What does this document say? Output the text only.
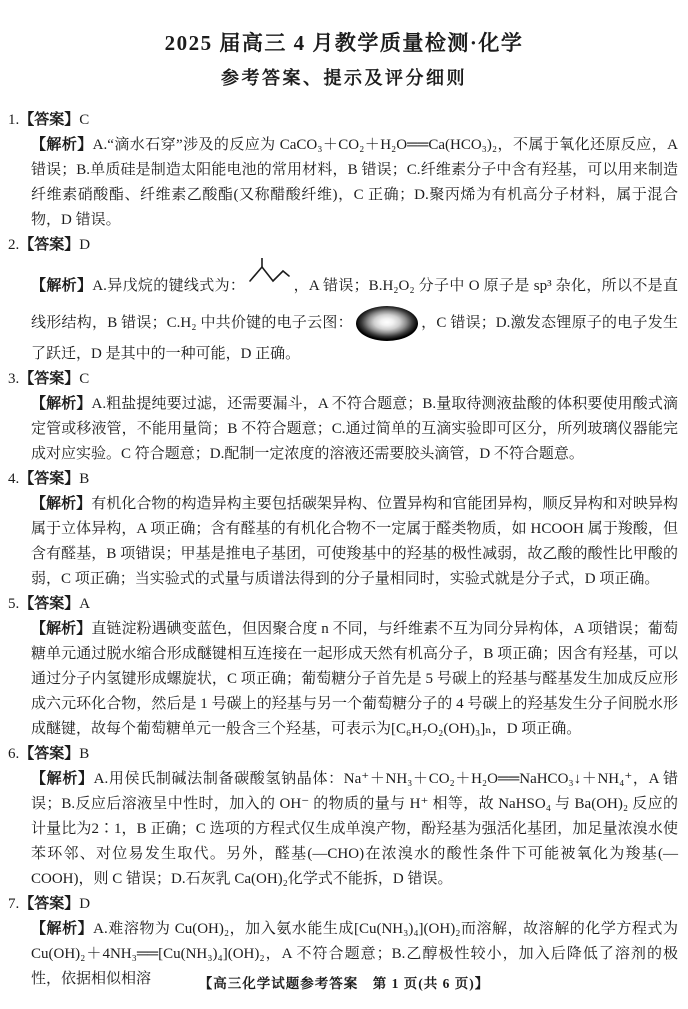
2025 届高三 4 月教学质量检测·化学
参考答案、提示及评分细则
1.【答案】C
【解析】A.“滴水石穿”涉及的反应为 CaCO₃＋CO₂＋H₂O══Ca(HCO₃)₂，不属于氧化还原反应，A 错误；B.单质硅是制造太阳能电池的常用材料，B 错误；C.纤维素分子中含有羟基，可以用来制造纤维素硝酸酯、纤维素乙酸酯(又称醋酸纤维)，C 正确；D.聚丙烯为有机高分子材料，属于混合物，D 错误。
2.【答案】D
【解析】A.异戊烷的键线式为：	，A 错误；B.H₂O₂ 分子中 O 原子是 sp³ 杂化，所以不是直线形结构，B 错误；C.H₂ 中共价键的电子云图：	，C 错误；D.激发态锂原子的电子发生了跃迁，D 是其中的一种可能，D 正确。
3.【答案】C
【解析】A.粗盐提纯要过滤，还需要漏斗，A 不符合题意；B.量取待测液盐酸的体积要使用酸式滴定管或移液管，不能用量筒；B 不符合题意；C.通过简单的互滴实验即可区分，所列玻璃仪器能完成对应实验。C 符合题意；D.配制一定浓度的溶液还需要胶头滴管，D 不符合题意。
4.【答案】B
【解析】有机化合物的构造异构主要包括碳架异构、位置异构和官能团异构，顺反异构和对映异构属于立体异构，A 项正确；含有醛基的有机化合物不一定属于醛类物质，如 HCOOH 属于羧酸，但含有醛基，B 项错误；甲基是推电子基团，可使羧基中的羟基的极性减弱，故乙酸的酸性比甲酸的弱，C 项正确；当实验式的式量与质谱法得到的分子量相同时，实验式就是分子式，D 项正确。
5.【答案】A
【解析】直链淀粉遇碘变蓝色，但因聚合度 n 不同，与纤维素不互为同分异构体，A 项错误；葡萄糖单元通过脱水缩合形成醚键相互连接在一起形成天然有机高分子，B 项正确；因含有羟基，可以通过分子内氢键形成螺旋状，C 项正确；葡萄糖分子首先是 5 号碳上的羟基与醛基发生加成反应形成六元环化合物，然后是 1 号碳上的羟基与另一个葡萄糖分子的 4 号碳上的羟基发生分子间脱水形成醚键，故每个葡萄糖单元一般含三个羟基，可表示为[C₆H₇O₂(OH)₃]ₙ，D 项正确。
6.【答案】B
【解析】A.用侯氏制碱法制备碳酸氢钠晶体：Na⁺＋NH₃＋CO₂＋H₂O══NaHCO₃↓＋NH₄⁺，A 错误；B.反应后溶液呈中性时，加入的 OH⁻ 的物质的量与 H⁺ 相等，故 NaHSO₄ 与 Ba(OH)₂ 反应的计量比为2∶1，B 正确；C 选项的方程式仅生成单溴产物，酚羟基为强活化基团，加足量浓溴水使苯环邻、对位易发生取代。另外，醛基(—CHO)在浓溴水的酸性条件下可能被氧化为羧基(—COOH)，则 C 错误；D.石灰乳 Ca(OH)₂化学式不能拆，D 错误。
7.【答案】D
【解析】A.难溶物为 Cu(OH)₂，加入氨水能生成[Cu(NH₃)₄](OH)₂而溶解，故溶解的化学方程式为Cu(OH)₂＋4NH₃══[Cu(NH₃)₄](OH)₂，A 不符合题意；B.乙醇极性较小，加入后降低了溶剂的极性，依据相似相溶	【高三化学试题参考答案　第 1 页(共 6 页)】
